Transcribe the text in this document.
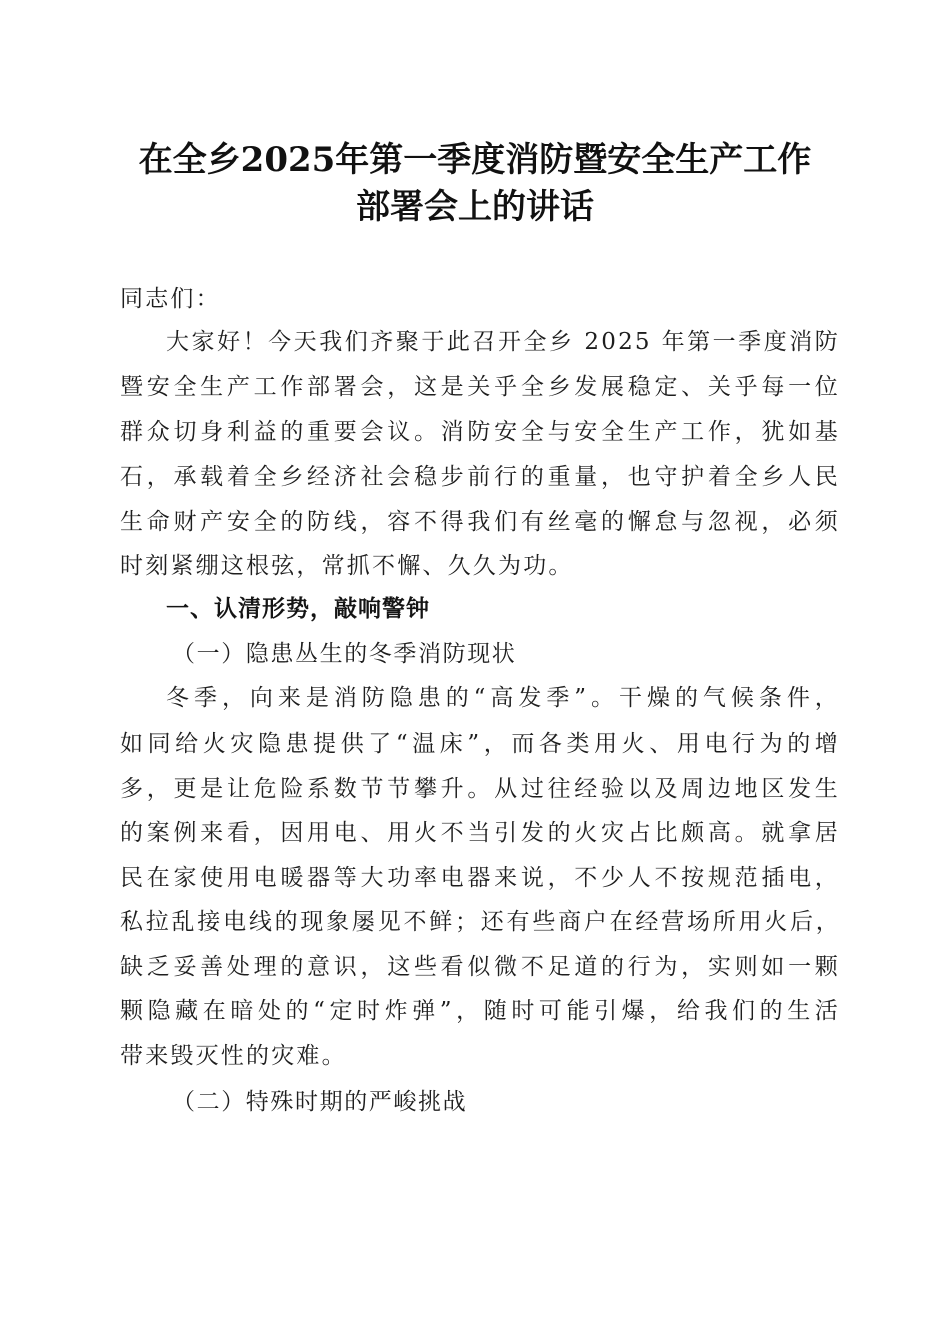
在全乡2025年第一季度消防暨安全生产工作
部署会上的讲话

同志们：

大家好！今天我们齐聚于此召开全乡 2025 年第一季度消防

暨安全生产工作部署会，这是关乎全乡发展稳定、关乎每一位

群众切身利益的重要会议。消防安全与安全生产工作，犹如基

石，承载着全乡经济社会稳步前行的重量，也守护着全乡人民

生命财产安全的防线，容不得我们有丝毫的懈怠与忽视，必须

时刻紧绷这根弦，常抓不懈、久久为功。

一、认清形势，敲响警钟

（一）隐患丛生的冬季消防现状

冬季，向来是消防隐患的“高发季”。干燥的气候条件，

如同给火灾隐患提供了“温床”，而各类用火、用电行为的增

多，更是让危险系数节节攀升。从过往经验以及周边地区发生

的案例来看，因用电、用火不当引发的火灾占比颇高。就拿居

民在家使用电暖器等大功率电器来说，不少人不按规范插电，

私拉乱接电线的现象屡见不鲜；还有些商户在经营场所用火后，

缺乏妥善处理的意识，这些看似微不足道的行为，实则如一颗

颗隐藏在暗处的“定时炸弹”，随时可能引爆，给我们的生活

带来毁灭性的灾难。

（二）特殊时期的严峻挑战
